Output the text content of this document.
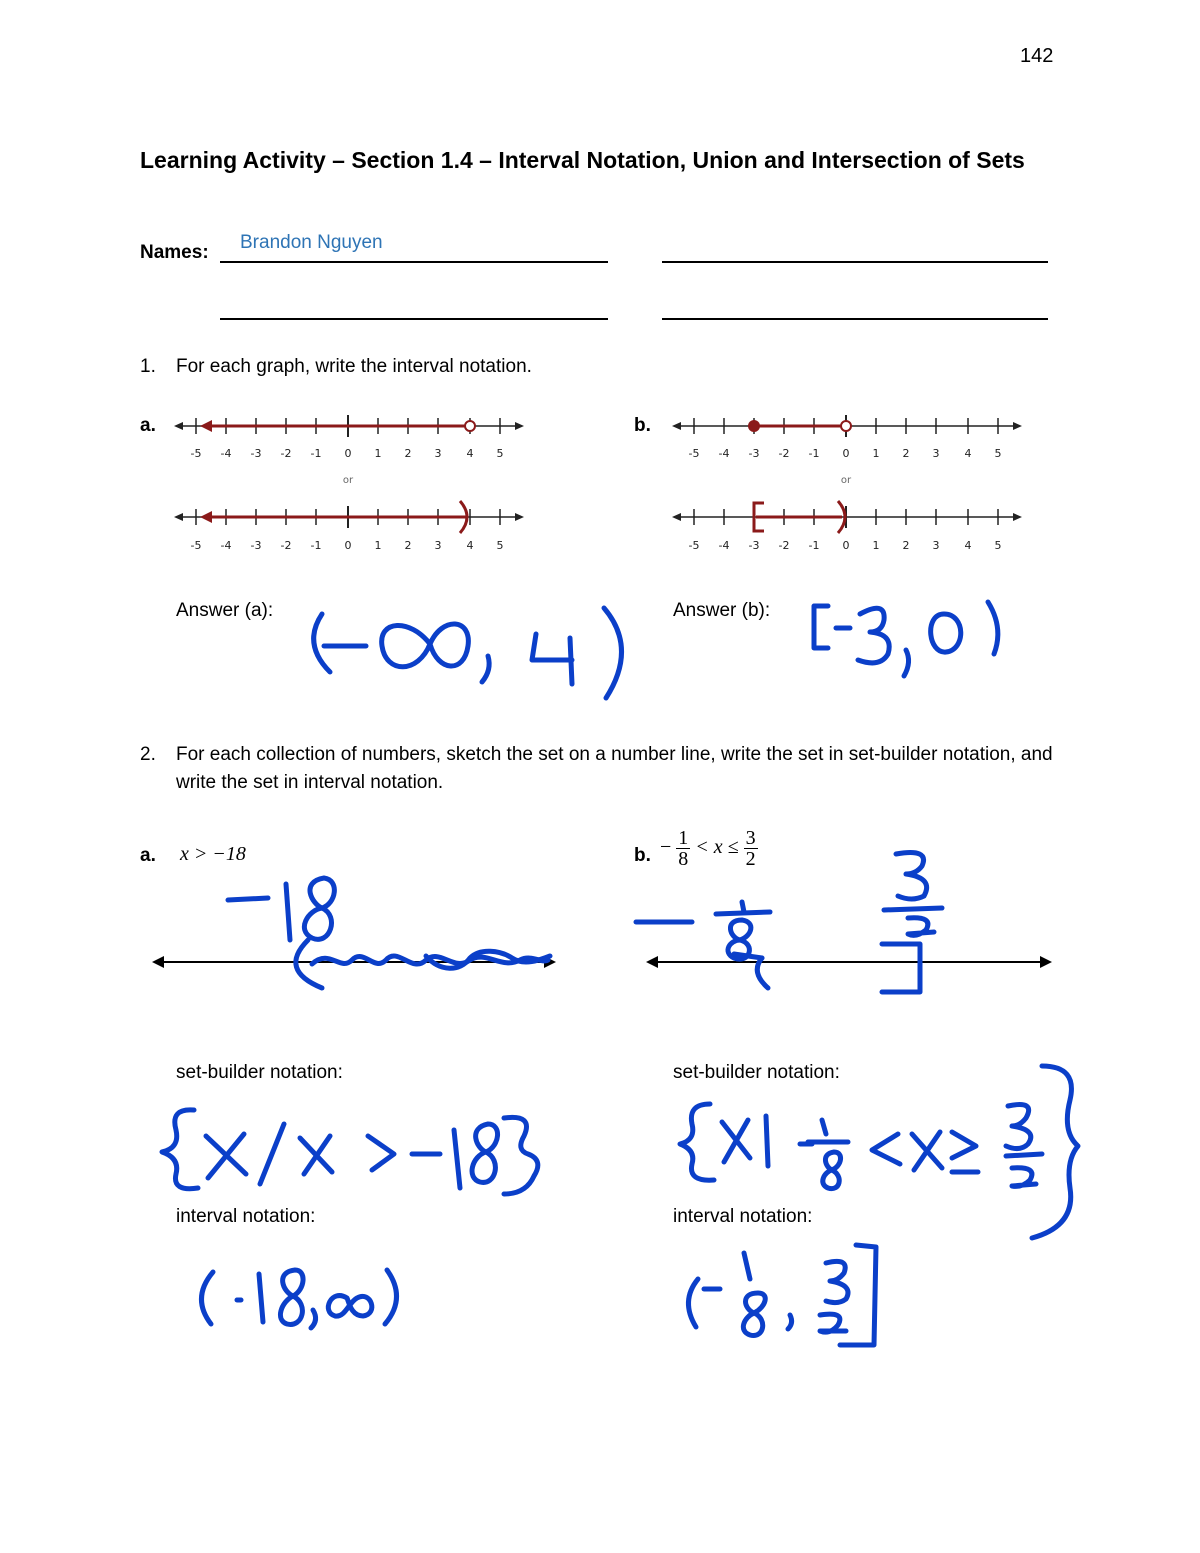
142
Learning Activity – Section 1.4 – Interval Notation, Union and Intersection of Sets
Names: Brandon Nguyen
1. For each graph, write the interval notation.
a.	b.
-5 -4 -3 -2 -1 0 1 2 3 4 5
or
-5 -4 -3 -2 -1 0 1 2 3 4 5
-5 -4 -3 -2 -1 0 1 2 3 4 5
or
-5 -4 -3 -2 -1 0 1 2 3 4 5
Answer (a):	Answer (b):
2. For each collection of numbers, sketch the set on a number line, write the set in set-builder notation, and write the set in interval notation.
a. x > −18	b. − $\frac{1}{8} < x \le \frac{3}{2}$
set-builder notation:	set-builder notation:
interval notation:	interval notation:
